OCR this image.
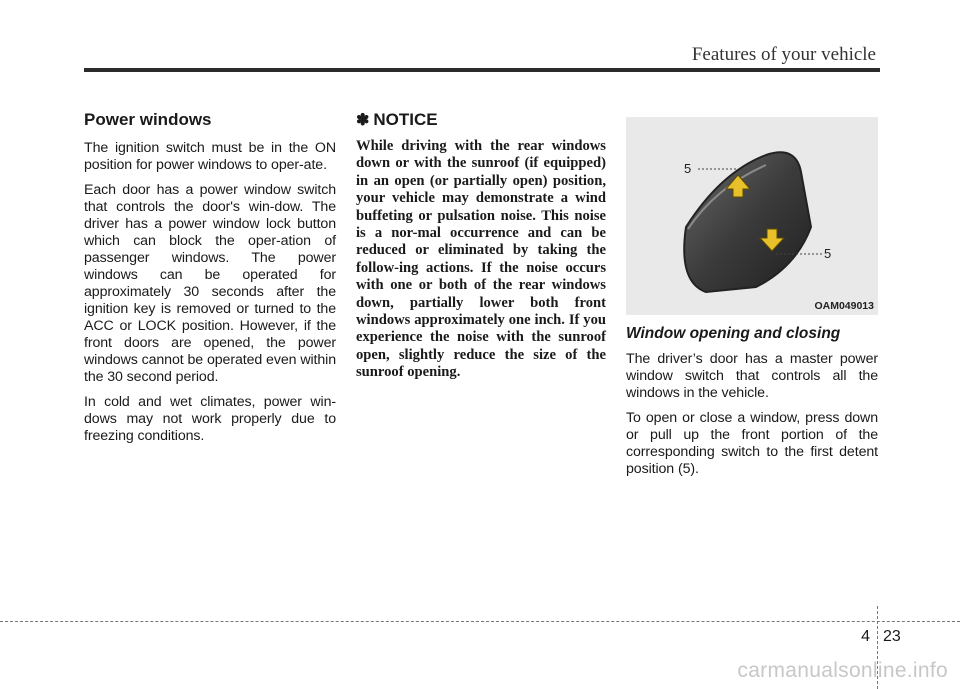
Features of your vehicle
Power windows

The ignition switch must be in the ON position for power windows to oper-ate.

Each door has a power window switch that controls the door's win-dow. The driver has a power window lock button which can block the oper-ation of passenger windows. The power windows can be operated for approximately 30 seconds after the ignition key is removed or turned to the ACC or LOCK position. However, if the front doors are opened, the power windows cannot be operated even within the 30 second period.

In cold and wet climates, power win-dows may not work properly due to freezing conditions.

✽ NOTICE

While driving with the rear windows down or with the sunroof (if equipped) in an open (or partially open) position, your vehicle may demonstrate a wind buffeting or pulsation noise. This noise is a nor-mal occurrence and can be reduced or eliminated by taking the follow-ing actions. If the noise occurs with one or both of the rear windows down, partially lower both front windows approximately one inch. If you experience the noise with the sunroof open, slightly reduce the size of the sunroof opening.

5
5
OAM049013
Window opening and closing

The driver’s door has a master power window switch that controls all the windows in the vehicle.

To open or close a window, press down or pull up the front portion of the corresponding switch to the first detent position (5).

4 23
carmanualsonline.info
